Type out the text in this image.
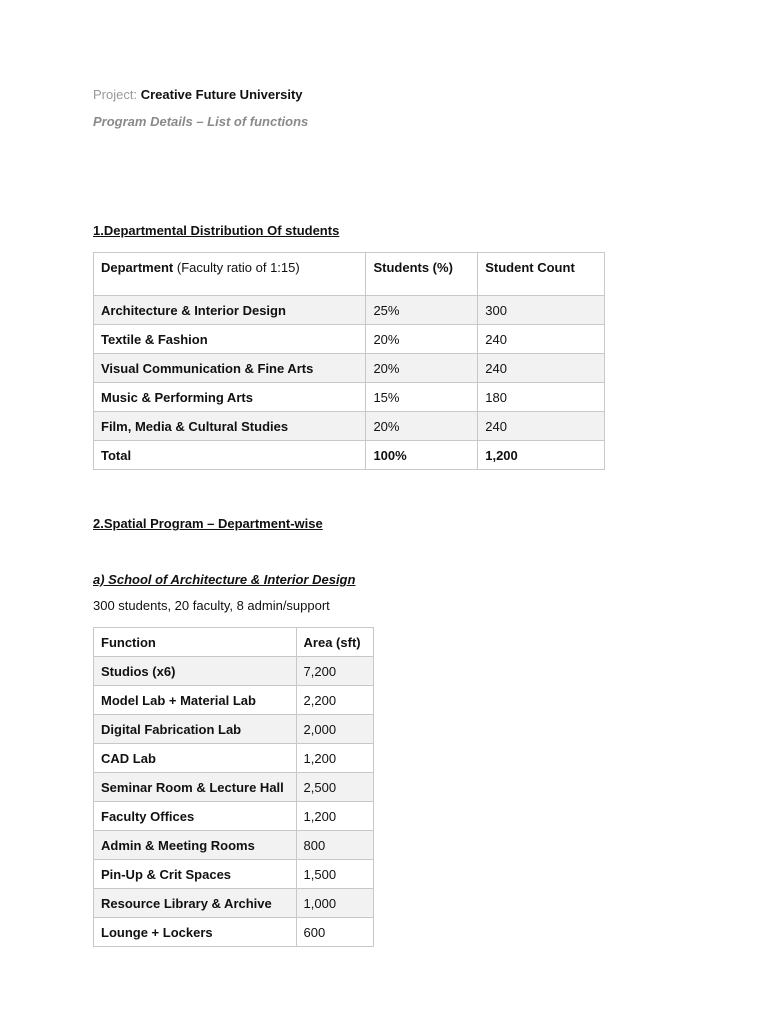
Project: Creative Future University
Program Details – List of functions
1.Departmental Distribution Of students
Department (Faculty ratio of 1:15)	Students (%)	Student Count
Architecture & Interior Design	25%	300
Textile & Fashion	20%	240
Visual Communication & Fine Arts	20%	240
Music & Performing Arts	15%	180
Film, Media & Cultural Studies	20%	240
Total	100%	1,200
2.Spatial Program – Department-wise
a) School of Architecture & Interior Design
300 students, 20 faculty, 8 admin/support
Function	Area (sft)
Studios (x6)	7,200
Model Lab + Material Lab	2,200
Digital Fabrication Lab	2,000
CAD Lab	1,200
Seminar Room & Lecture Hall	2,500
Faculty Offices	1,200
Admin & Meeting Rooms	800
Pin-Up & Crit Spaces	1,500
Resource Library & Archive	1,000
Lounge + Lockers	600
